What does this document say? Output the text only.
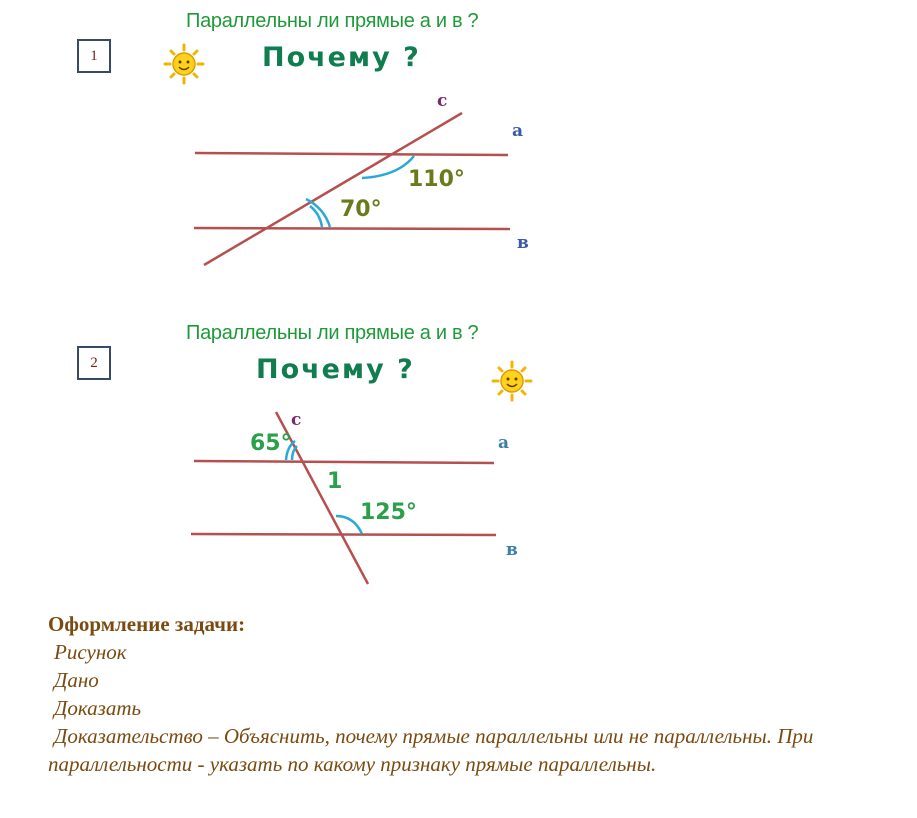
1
Параллельны ли прямые а и в ?
Почему ?
с
а
в
110°
70°
2
Параллельны ли прямые а и в ?
Почему ?
с
а
в
65°
1
125°
Оформление задачи:
Рисунок
Дано
Доказать
Доказательство – Объяснить, почему прямые параллельны или не параллельны. При параллельности - указать по какому признаку прямые параллельны.
